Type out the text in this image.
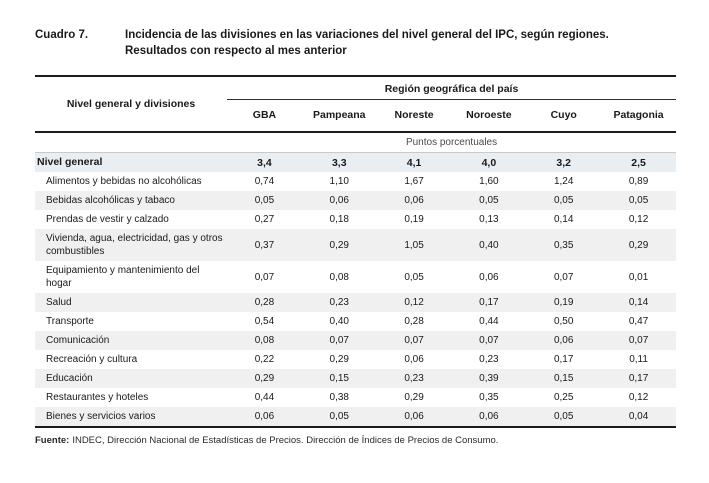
Cuadro 7.	Incidencia de las divisiones en las variaciones del nivel general del IPC, según regiones.
Resultados con respecto al mes anterior
Nivel general y divisiones	Región geográfica del país					
	GBA	Pampeana	Noreste	Noroeste	Cuyo	Patagonia
	Puntos porcentuales					
Nivel general	3,4	3,3	4,1	4,0	3,2	2,5
Alimentos y bebidas no alcohólicas	0,74	1,10	1,67	1,60	1,24	0,89
Bebidas alcohólicas y tabaco	0,05	0,06	0,06	0,05	0,05	0,05
Prendas de vestir y calzado	0,27	0,18	0,19	0,13	0,14	0,12
Vivienda, agua, electricidad, gas y otros combustibles	0,37	0,29	1,05	0,40	0,35	0,29
Equipamiento y mantenimiento del hogar	0,07	0,08	0,05	0,06	0,07	0,01
Salud	0,28	0,23	0,12	0,17	0,19	0,14
Transporte	0,54	0,40	0,28	0,44	0,50	0,47
Comunicación	0,08	0,07	0,07	0,07	0,06	0,07
Recreación y cultura	0,22	0,29	0,06	0,23	0,17	0,11
Educación	0,29	0,15	0,23	0,39	0,15	0,17
Restaurantes y hoteles	0,44	0,38	0,29	0,35	0,25	0,12
Bienes y servicios varios	0,06	0,05	0,06	0,06	0,05	0,04
Fuente: INDEC, Dirección Nacional de Estadísticas de Precios. Dirección de Índices de Precios de Consumo.
